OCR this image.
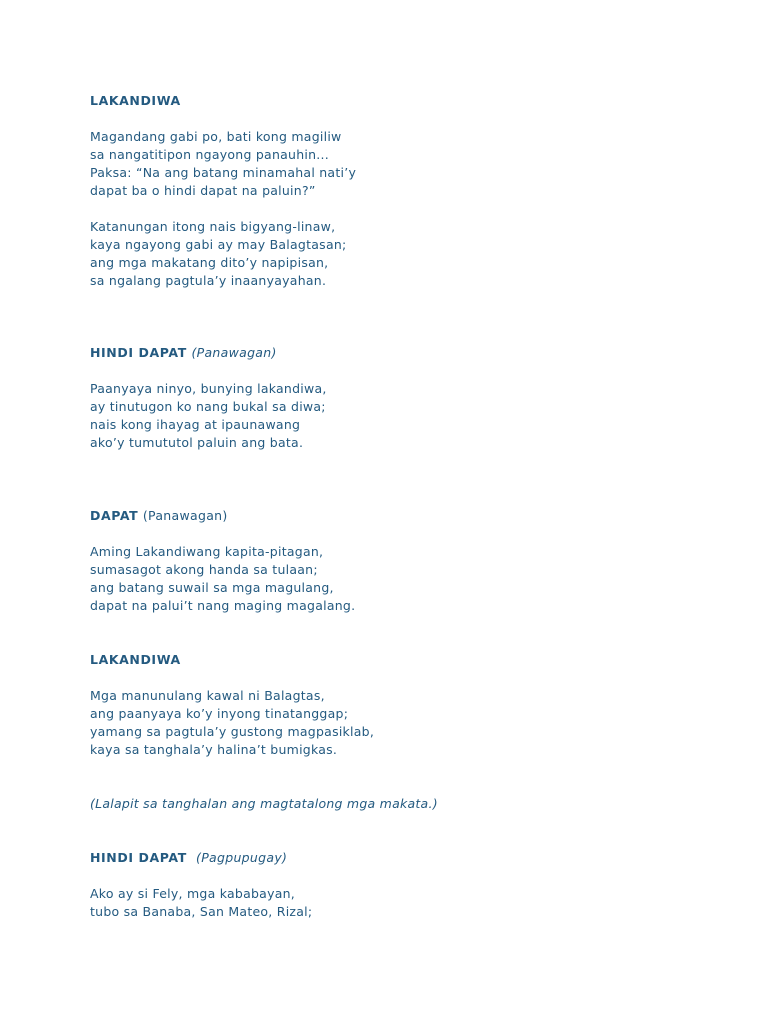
LAKANDIWA
Magandang gabi po, bati kong magiliw
sa nangatitipon ngayong panauhin...
Paksa: “Na ang batang minamahal nati’y
dapat ba o hindi dapat na paluin?”
Katanungan itong nais bigyang-linaw,
kaya ngayong gabi ay may Balagtasan;
ang mga makatang dito’y napipisan,
sa ngalang pagtula’y inaanyayahan.
HINDI DAPAT (Panawagan)
Paanyaya ninyo, bunying lakandiwa,
ay tinutugon ko nang bukal sa diwa;
nais kong ihayag at ipaunawang
ako’y tumututol paluin ang bata.
DAPAT (Panawagan)
Aming Lakandiwang kapita-pitagan,
sumasagot akong handa sa tulaan;
ang batang suwail sa mga magulang,
dapat na palui’t nang maging magalang.
LAKANDIWA
Mga manunulang kawal ni Balagtas,
ang paanyaya ko’y inyong tinatanggap;
yamang sa pagtula’y gustong magpasiklab,
kaya sa tanghala’y halina’t bumigkas.
(Lalapit sa tanghalan ang magtatalong mga makata.)
HINDI DAPAT (Pagpupugay)
Ako ay si Fely, mga kababayan,
tubo sa Banaba, San Mateo, Rizal;
